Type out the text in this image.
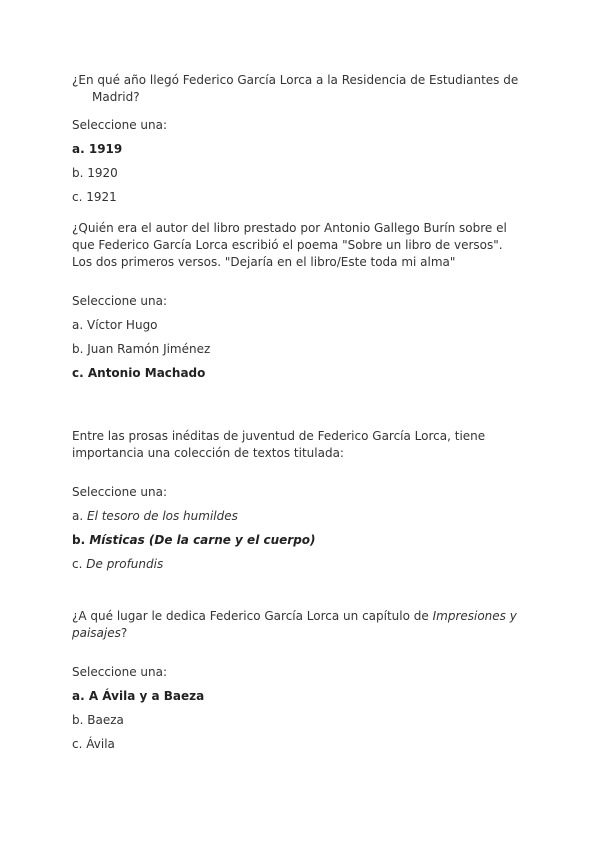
¿En qué año llegó Federico García Lorca a la Residencia de Estudiantes de
Madrid?

Seleccione una:

a. 1919

b. 1920

c. 1921

¿Quién era el autor del libro prestado por Antonio Gallego Burín sobre el que Federico García Lorca escribió el poema "Sobre un libro de versos". Los dos primeros versos. "Dejaría en el libro/Este toda mi alma"

Seleccione una:

a. Víctor Hugo

b. Juan Ramón Jiménez

c. Antonio Machado

Entre las prosas inéditas de juventud de Federico García Lorca, tiene importancia una colección de textos titulada:

Seleccione una:

a. El tesoro de los humildes

b. Místicas (De la carne y el cuerpo)

c. De profundis

¿A qué lugar le dedica Federico García Lorca un capítulo de Impresiones y paisajes?

Seleccione una:

a. A Ávila y a Baeza

b. Baeza

c. Ávila
